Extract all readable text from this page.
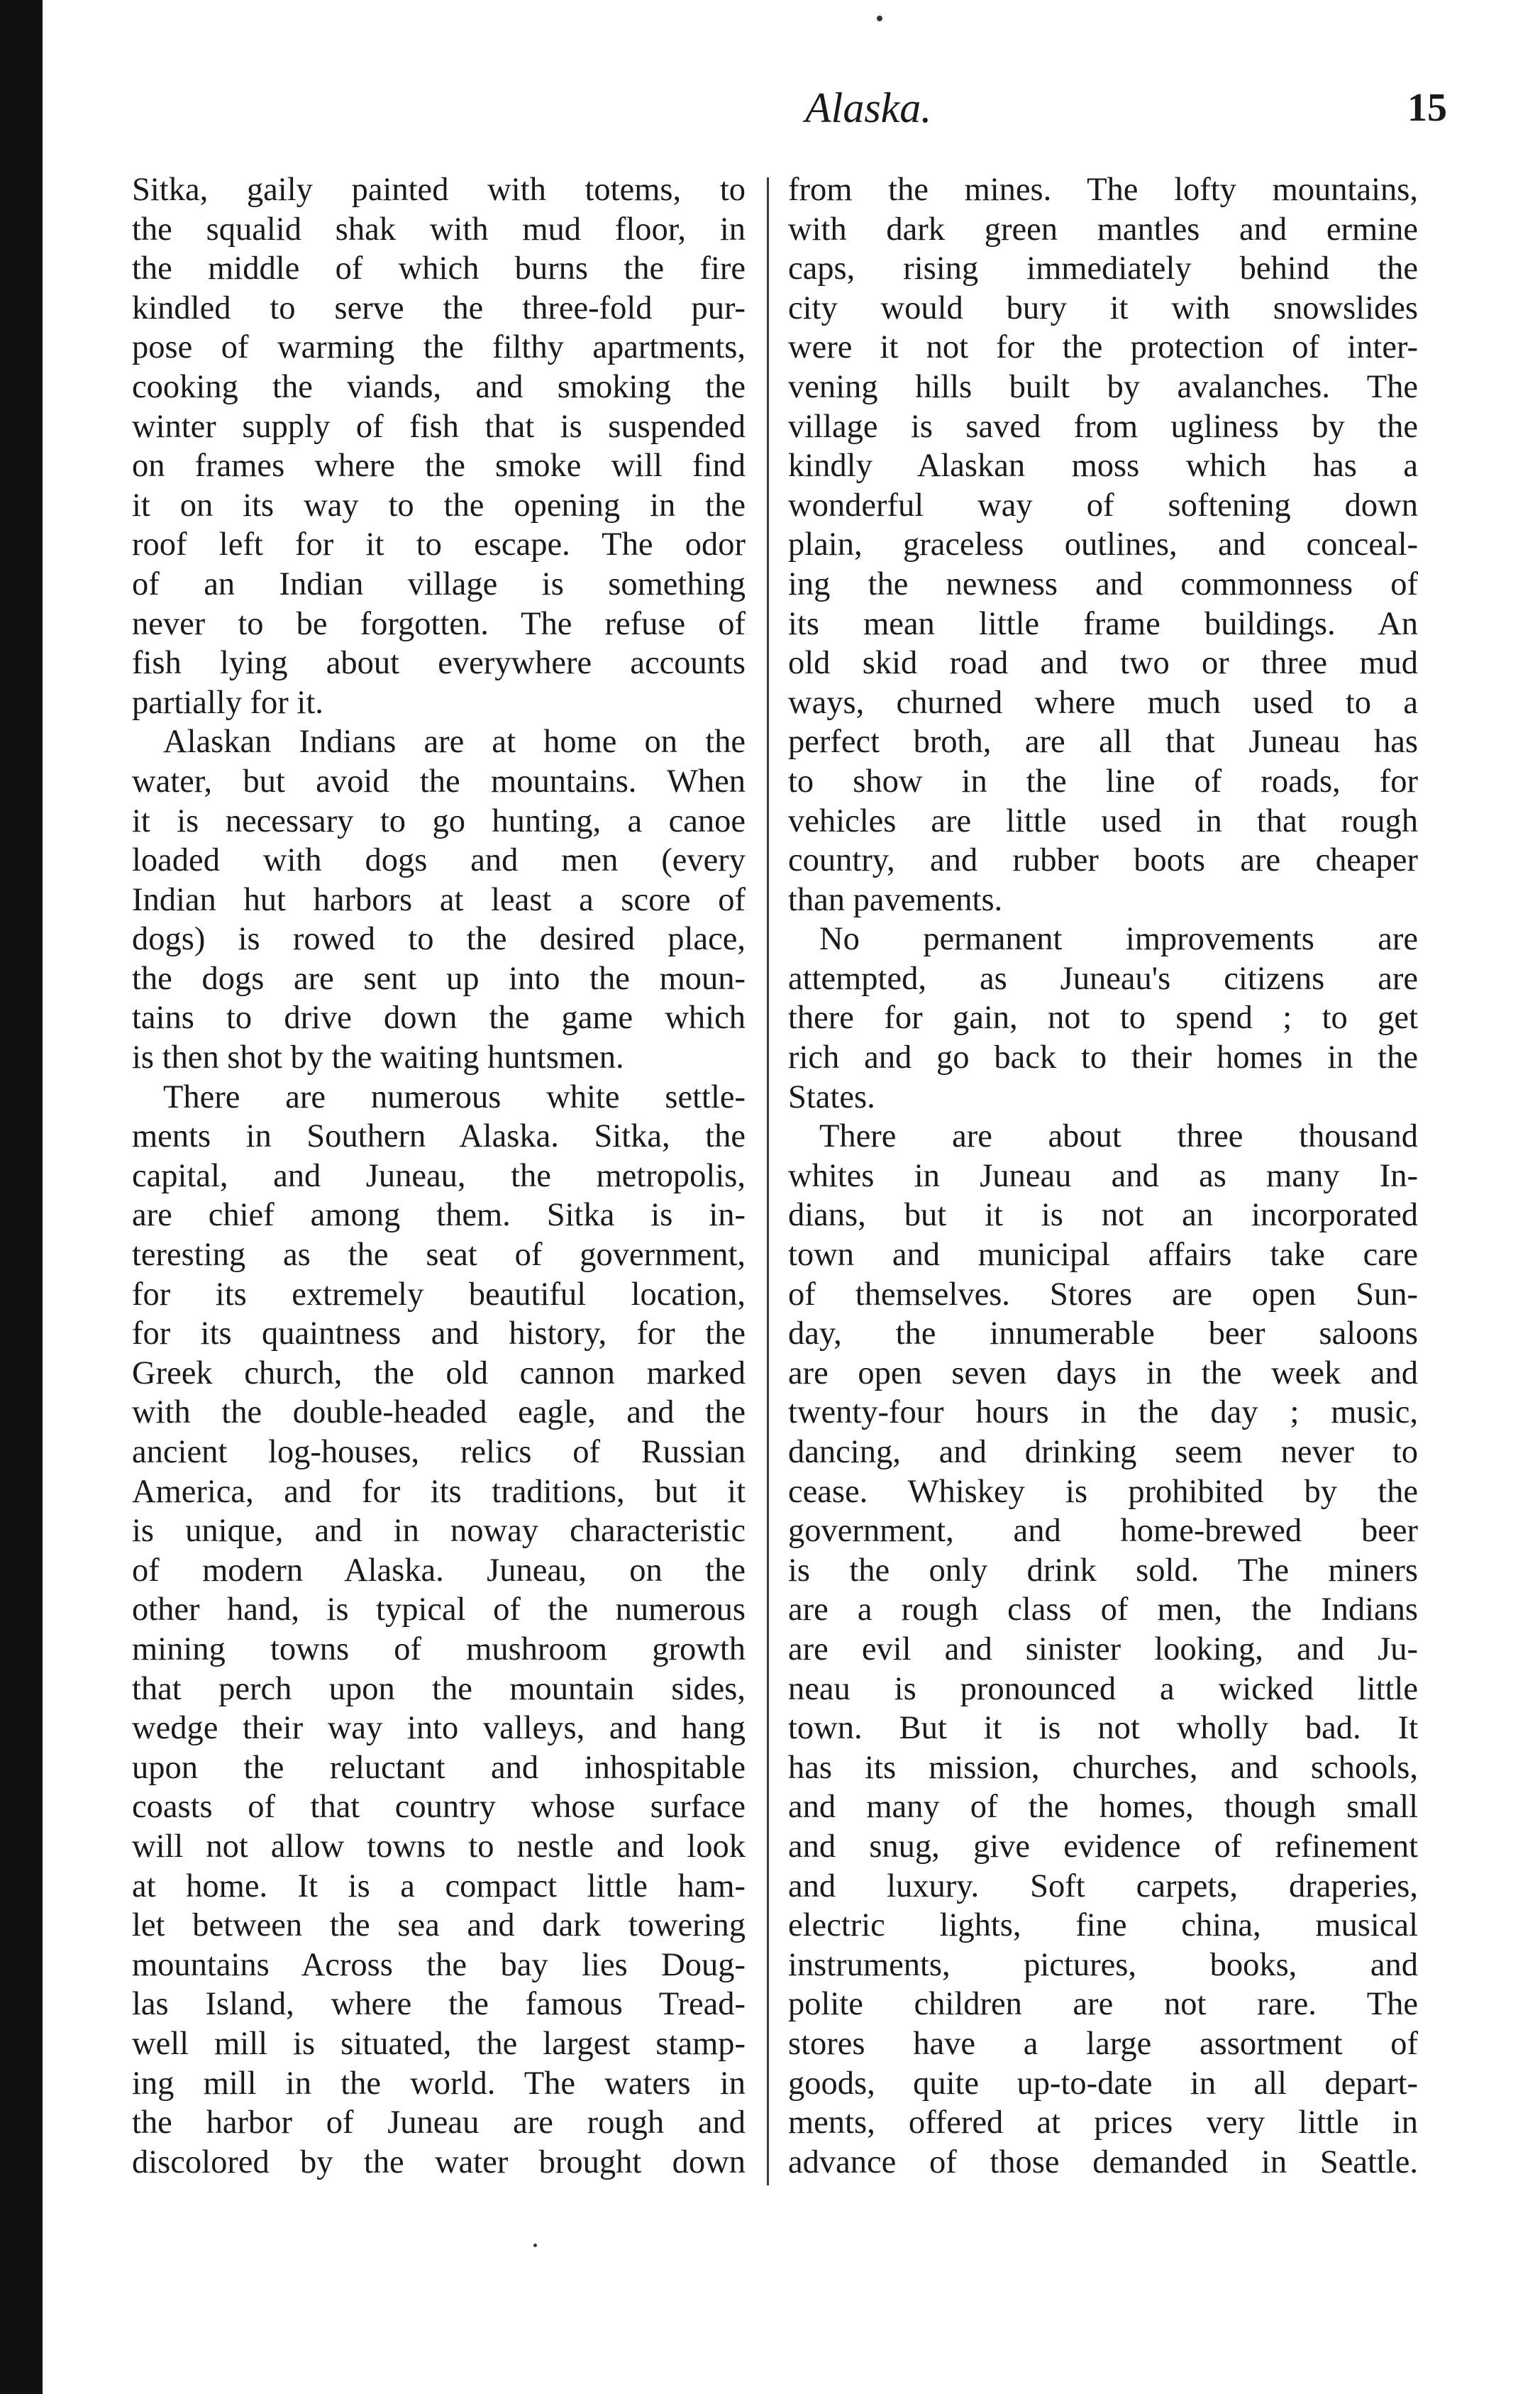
Alaska.	15
Sitka, gaily painted with totems, to
the squalid shak with mud floor, in
the middle of which burns the fire
kindled to serve the three-fold pur-
pose of warming the filthy apartments,
cooking the viands, and smoking the
winter supply of fish that is suspended
on frames where the smoke will find
it on its way to the opening in the
roof left for it to escape. The odor
of an Indian village is something
never to be forgotten. The refuse of
fish lying about everywhere accounts
partially for it.
Alaskan Indians are at home on the
water, but avoid the mountains. When
it is necessary to go hunting, a canoe
loaded with dogs and men (every
Indian hut harbors at least a score of
dogs) is rowed to the desired place,
the dogs are sent up into the moun-
tains to drive down the game which
is then shot by the waiting huntsmen.
There are numerous white settle-
ments in Southern Alaska. Sitka, the
capital, and Juneau, the metropolis,
are chief among them. Sitka is in-
teresting as the seat of government,
for its extremely beautiful location,
for its quaintness and history, for the
Greek church, the old cannon marked
with the double-headed eagle, and the
ancient log-houses, relics of Russian
America, and for its traditions, but it
is unique, and in noway characteristic
of modern Alaska. Juneau, on the
other hand, is typical of the numerous
mining towns of mushroom growth
that perch upon the mountain sides,
wedge their way into valleys, and hang
upon the reluctant and inhospitable
coasts of that country whose surface
will not allow towns to nestle and look
at home. It is a compact little ham-
let between the sea and dark towering
mountains Across the bay lies Doug-
las Island, where the famous Tread-
well mill is situated, the largest stamp-
ing mill in the world. The waters in
the harbor of Juneau are rough and
discolored by the water brought down
from the mines. The lofty mountains,
with dark green mantles and ermine
caps, rising immediately behind the
city would bury it with snowslides
were it not for the protection of inter-
vening hills built by avalanches. The
village is saved from ugliness by the
kindly Alaskan moss which has a
wonderful way of softening down
plain, graceless outlines, and conceal-
ing the newness and commonness of
its mean little frame buildings. An
old skid road and two or three mud
ways, churned where much used to a
perfect broth, are all that Juneau has
to show in the line of roads, for
vehicles are little used in that rough
country, and rubber boots are cheaper
than pavements.
No permanent improvements are
attempted, as Juneau's citizens are
there for gain, not to spend ; to get
rich and go back to their homes in the
States.
There are about three thousand
whites in Juneau and as many In-
dians, but it is not an incorporated
town and municipal affairs take care
of themselves. Stores are open Sun-
day, the innumerable beer saloons
are open seven days in the week and
twenty-four hours in the day ; music,
dancing, and drinking seem never to
cease. Whiskey is prohibited by the
government, and home-brewed beer
is the only drink sold. The miners
are a rough class of men, the Indians
are evil and sinister looking, and Ju-
neau is pronounced a wicked little
town. But it is not wholly bad. It
has its mission, churches, and schools,
and many of the homes, though small
and snug, give evidence of refinement
and luxury. Soft carpets, draperies,
electric lights, fine china, musical
instruments, pictures, books, and
polite children are not rare. The
stores have a large assortment of
goods, quite up-to-date in all depart-
ments, offered at prices very little in
advance of those demanded in Seattle.
